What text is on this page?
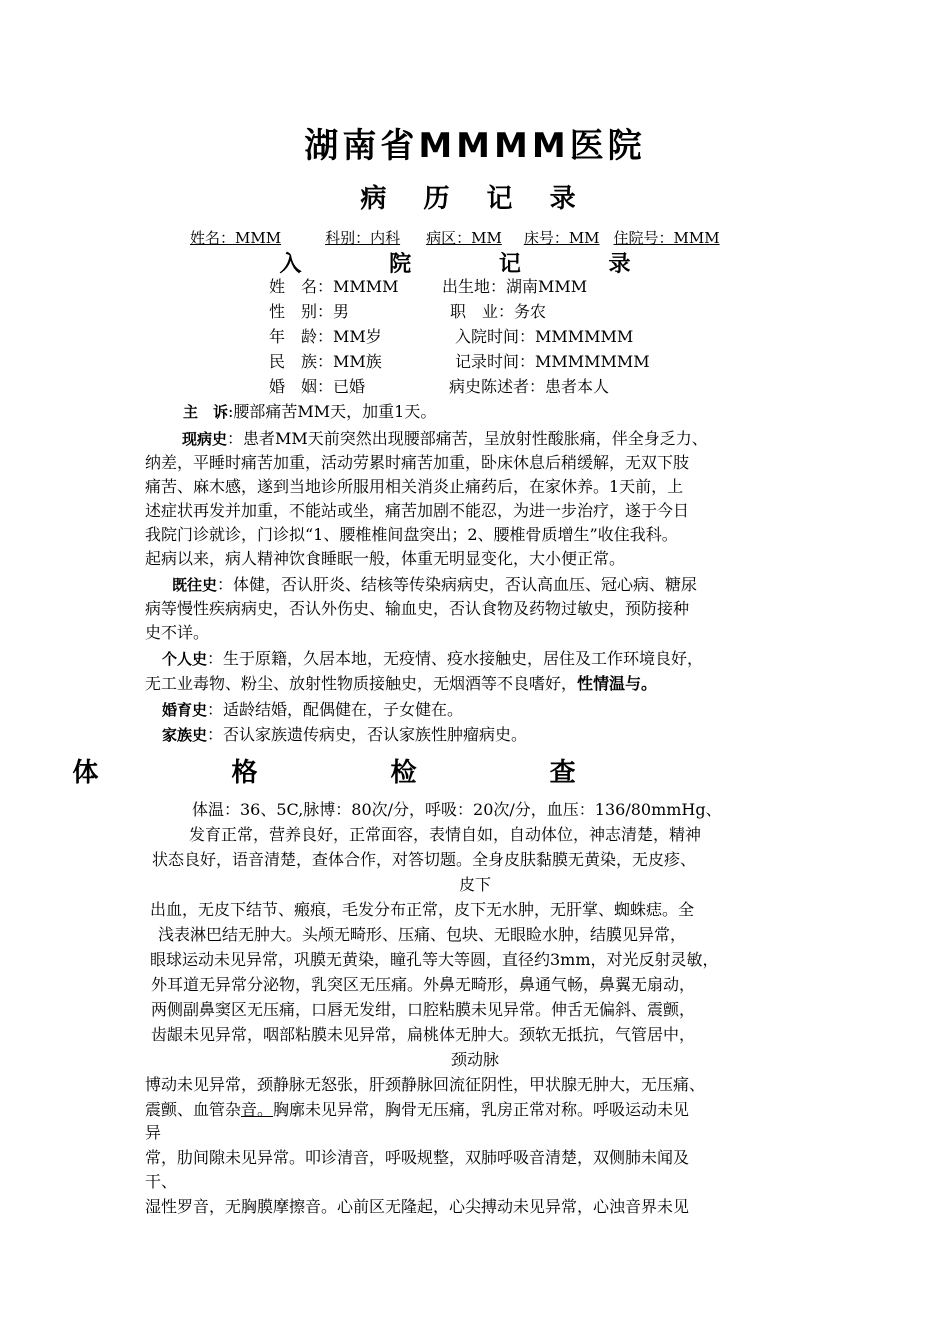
湖南省MMMM医院
病 历 记 录
姓名：MMM	科别：内科 病区：MM 床号：MM 住院号：MMM
入 院 记 录
姓　名：MMMM	出生地：湖南MMM
性　别：男	职　业：务农
年　龄：MM岁	入院时间：MMMMMM
民　族：MM族	记录时间：MMMMMMM
婚　姻：已婚	病史陈述者：患者本人
主　诉:腰部痛苦MM天，加重1天。
现病史：患者MM天前突然出现腰部痛苦，呈放射性酸胀痛，伴全身乏力、
纳差，平睡时痛苦加重，活动劳累时痛苦加重，卧床休息后稍缓解，无双下肢
痛苦、麻木感，遂到当地诊所服用相关消炎止痛药后，在家休养。1天前，上
述症状再发并加重，不能站或坐，痛苦加剧不能忍，为进一步治疗，遂于今日
我院门诊就诊，门诊拟“1、腰椎椎间盘突出；2、腰椎骨质增生”收住我科。
起病以来，病人精神饮食睡眠一般，体重无明显变化，大小便正常。
既往史：体健，否认肝炎、结核等传染病病史，否认高血压、冠心病、糖尿
病等慢性疾病病史，否认外伤史、输血史，否认食物及药物过敏史，预防接种
史不详。
个人史：生于原籍，久居本地，无疫情、疫水接触史，居住及工作环境良好，
无工业毒物、粉尘、放射性物质接触史，无烟酒等不良嗜好，性情温与。
婚育史：适龄结婚，配偶健在，子女健在。
家族史：否认家族遗传病史，否认家族性肿瘤病史。
体 格 检 查
体温：36、5C,脉博：80次/分，呼吸：20次/分，血压：136/80mmHg、
发育正常，营养良好，正常面容，表情自如，自动体位，神志清楚，精神
状态良好，语音清楚，查体合作，对答切题。全身皮肤黏膜无黄染，无皮疹、
皮下
出血，无皮下结节、瘢痕，毛发分布正常，皮下无水肿，无肝掌、蜘蛛痣。全
浅表淋巴结无肿大。头颅无畸形、压痛、包块、无眼睑水肿，结膜见异常，
眼球运动未见异常，巩膜无黄染，瞳孔等大等圆，直径约3mm，对光反射灵敏，
外耳道无异常分泌物，乳突区无压痛。外鼻无畸形，鼻通气畅，鼻翼无扇动，
两侧副鼻窦区无压痛，口唇无发绀，口腔粘膜未见异常。伸舌无偏斜、震颤，
齿龈未见异常，咽部粘膜未见异常，扁桃体无肿大。颈软无抵抗，气管居中，
颈动脉
博动未见异常，颈静脉无怒张，肝颈静脉回流征阴性，甲状腺无肿大，无压痛、
震颤、血管杂音。胸廓未见异常，胸骨无压痛，乳房正常对称。呼吸运动未见
异
常，肋间隙未见异常。叩诊清音，呼吸规整，双肺呼吸音清楚，双侧肺未闻及
干、
湿性罗音，无胸膜摩擦音。心前区无隆起，心尖搏动未见异常，心浊音界未见
